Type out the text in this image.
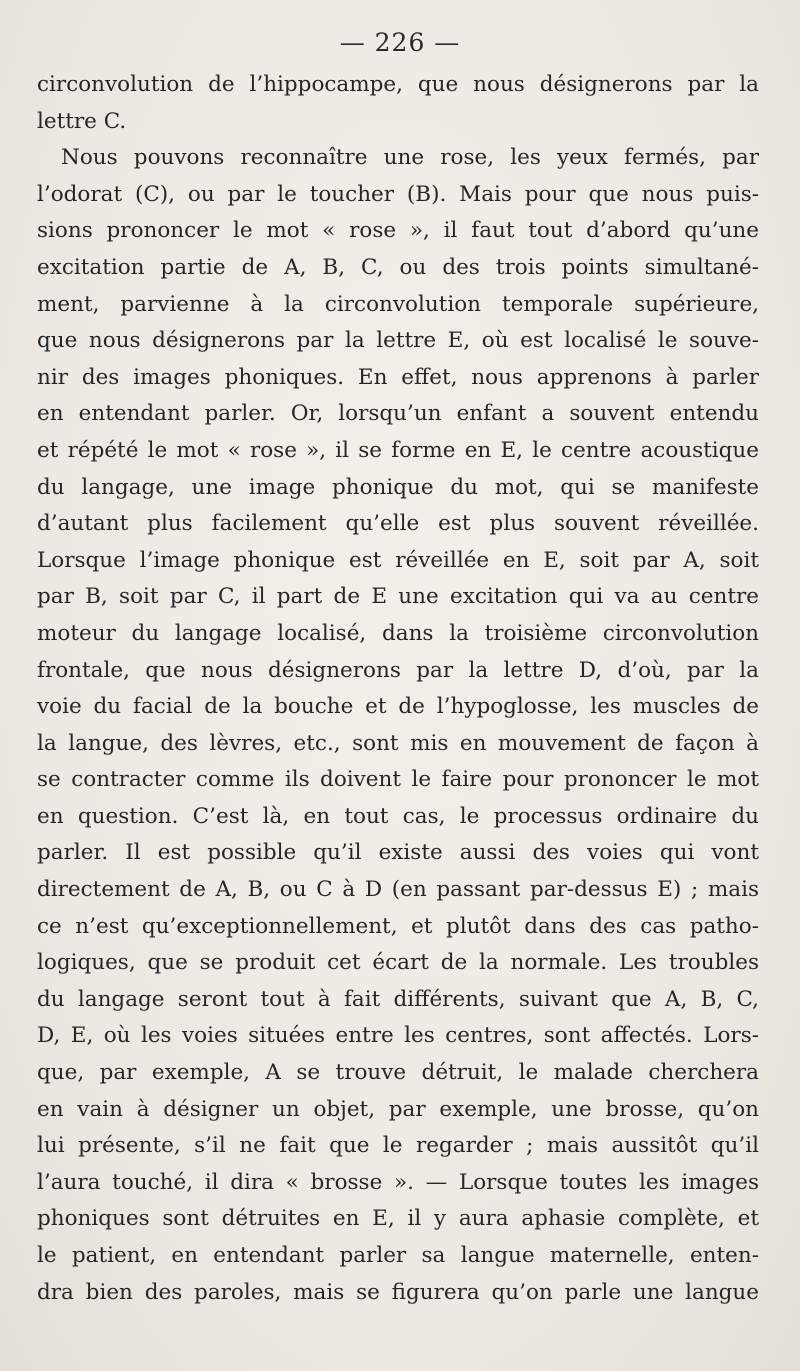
— 226 —
circonvolution de l’hippocampe, que nous désignerons par la
lettre C.
Nous pouvons reconnaître une rose, les yeux fermés, par
l’odorat (C), ou par le toucher (B). Mais pour que nous puis-
sions prononcer le mot « rose », il faut tout d’abord qu’une
excitation partie de A, B, C, ou des trois points simultané-
ment, parvienne à la circonvolution temporale supérieure,
que nous désignerons par la lettre E, où est localisé le souve-
nir des images phoniques. En effet, nous apprenons à parler
en entendant parler. Or, lorsqu’un enfant a souvent entendu
et répété le mot « rose », il se forme en E, le centre acoustique
du langage, une image phonique du mot, qui se manifeste
d’autant plus facilement qu’elle est plus souvent réveillée.
Lorsque l’image phonique est réveillée en E, soit par A, soit
par B, soit par C, il part de E une excitation qui va au centre
moteur du langage localisé, dans la troisième circonvolution
frontale, que nous désignerons par la lettre D, d’où, par la
voie du facial de la bouche et de l’hypoglosse, les muscles de
la langue, des lèvres, etc., sont mis en mouvement de façon à
se contracter comme ils doivent le faire pour prononcer le mot
en question. C’est là, en tout cas, le processus ordinaire du
parler. Il est possible qu’il existe aussi des voies qui vont
directement de A, B, ou C à D (en passant par-dessus E) ; mais
ce n’est qu’exceptionnellement, et plutôt dans des cas patho-
logiques, que se produit cet écart de la normale. Les troubles
du langage seront tout à fait différents, suivant que A, B, C,
D, E, où les voies situées entre les centres, sont affectés. Lors-
que, par exemple, A se trouve détruit, le malade cherchera
en vain à désigner un objet, par exemple, une brosse, qu’on
lui présente, s’il ne fait que le regarder ; mais aussitôt qu’il
l’aura touché, il dira « brosse ». — Lorsque toutes les images
phoniques sont détruites en E, il y aura aphasie complète, et
le patient, en entendant parler sa langue maternelle, enten-
dra bien des paroles, mais se figurera qu’on parle une langue
